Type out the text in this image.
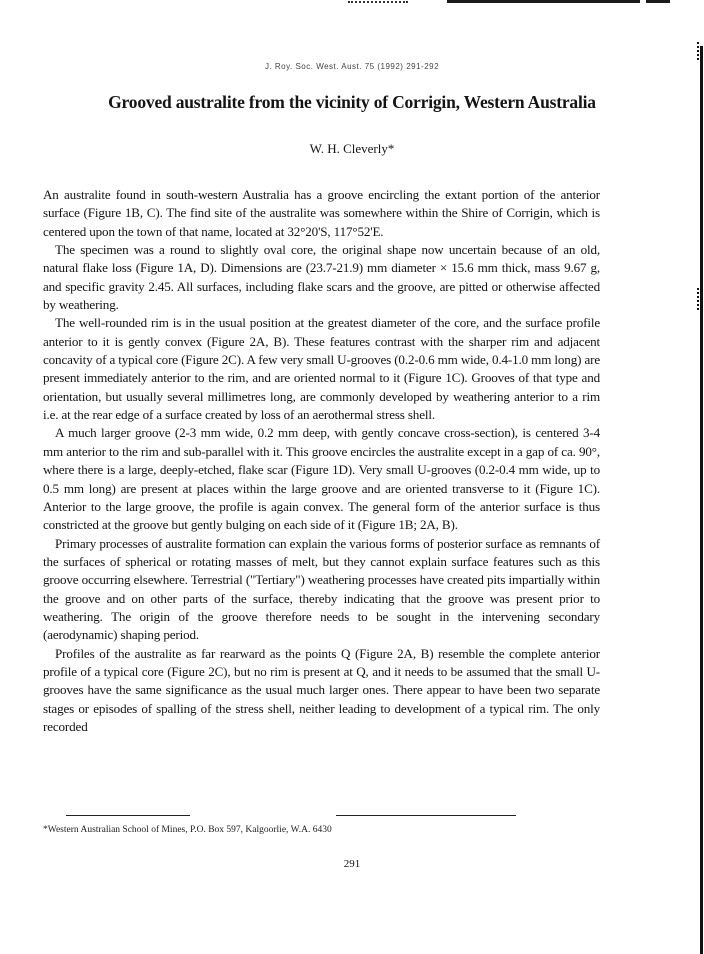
J. Roy. Soc. West. Aust. 75 (1992) 291-292
Grooved australite from the vicinity of Corrigin, Western Australia
W. H. Cleverly*

An australite found in south-western Australia has a groove encircling the extant portion of the anterior surface (Figure 1B, C). The find site of the australite was somewhere within the Shire of Corrigin, which is centered upon the town of that name, located at 32°20'S, 117°52'E.

The specimen was a round to slightly oval core, the original shape now uncertain because of an old, natural flake loss (Figure 1A, D). Dimensions are (23.7-21.9) mm diameter × 15.6 mm thick, mass 9.67 g, and specific gravity 2.45. All surfaces, including flake scars and the groove, are pitted or otherwise affected by weathering.

The well-rounded rim is in the usual position at the greatest diameter of the core, and the surface profile anterior to it is gently convex (Figure 2A, B). These features contrast with the sharper rim and adjacent concavity of a typical core (Figure 2C). A few very small U-grooves (0.2-0.6 mm wide, 0.4-1.0 mm long) are present immediately anterior to the rim, and are oriented normal to it (Figure 1C). Grooves of that type and orientation, but usually several millimetres long, are commonly developed by weathering anterior to a rim i.e. at the rear edge of a surface created by loss of an aerothermal stress shell.

A much larger groove (2-3 mm wide, 0.2 mm deep, with gently concave cross-section), is centered 3-4 mm anterior to the rim and sub-parallel with it. This groove encircles the australite except in a gap of ca. 90°, where there is a large, deeply-etched, flake scar (Figure 1D). Very small U-grooves (0.2-0.4 mm wide, up to 0.5 mm long) are present at places within the large groove and are oriented transverse to it (Figure 1C). Anterior to the large groove, the profile is again convex. The general form of the anterior surface is thus constricted at the groove but gently bulging on each side of it (Figure 1B; 2A, B).

Primary processes of australite formation can explain the various forms of posterior surface as remnants of the surfaces of spherical or rotating masses of melt, but they cannot explain surface features such as this groove occurring elsewhere. Terrestrial ("Tertiary") weathering processes have created pits impartially within the groove and on other parts of the surface, thereby indicating that the groove was present prior to weathering. The origin of the groove therefore needs to be sought in the intervening secondary (aerodynamic) shaping period.

Profiles of the australite as far rearward as the points Q (Figure 2A, B) resemble the complete anterior profile of a typical core (Figure 2C), but no rim is present at Q, and it needs to be assumed that the small U-grooves have the same significance as the usual much larger ones. There appear to have been two separate stages or episodes of spalling of the stress shell, neither leading to development of a typical rim. The only recorded

*Western Australian School of Mines, P.O. Box 597, Kalgoorlie, W.A. 6430
291
